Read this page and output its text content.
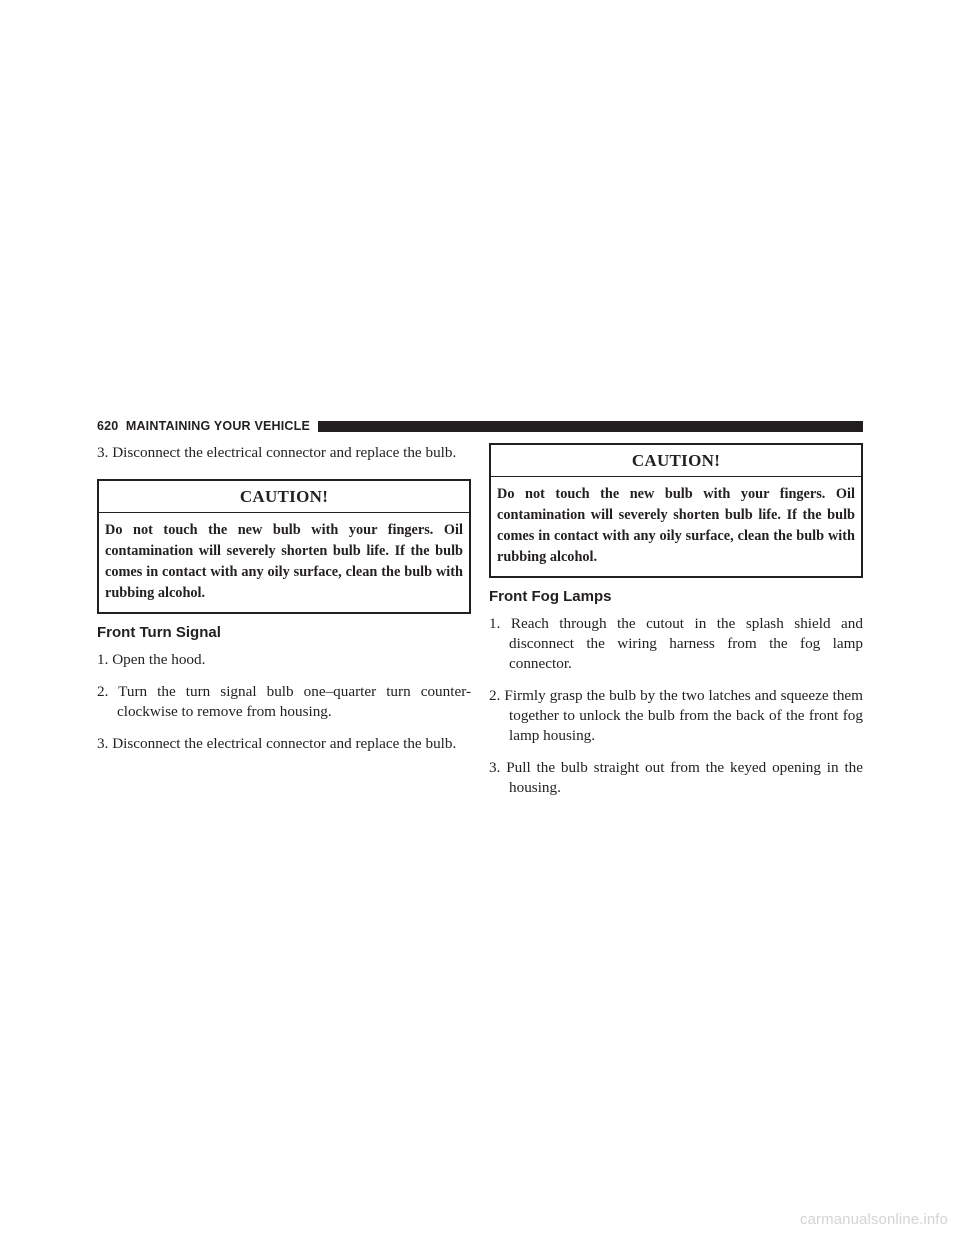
620 MAINTAINING YOUR VEHICLE

3. Disconnect the electrical connector and replace the bulb.

CAUTION!
Do not touch the new bulb with your fingers. Oil contamination will severely shorten bulb life. If the bulb comes in contact with any oily surface, clean the bulb with rubbing alcohol.
Front Turn Signal

1. Open the hood.

2. Turn the turn signal bulb one–quarter turn counter-clockwise to remove from housing.

3. Disconnect the electrical connector and replace the bulb.

CAUTION!
Do not touch the new bulb with your fingers. Oil contamination will severely shorten bulb life. If the bulb comes in contact with any oily surface, clean the bulb with rubbing alcohol.
Front Fog Lamps

1. Reach through the cutout in the splash shield and disconnect the wiring harness from the fog lamp connector.

2. Firmly grasp the bulb by the two latches and squeeze them together to unlock the bulb from the back of the front fog lamp housing.

3. Pull the bulb straight out from the keyed opening in the housing.

carmanualsonline.info
